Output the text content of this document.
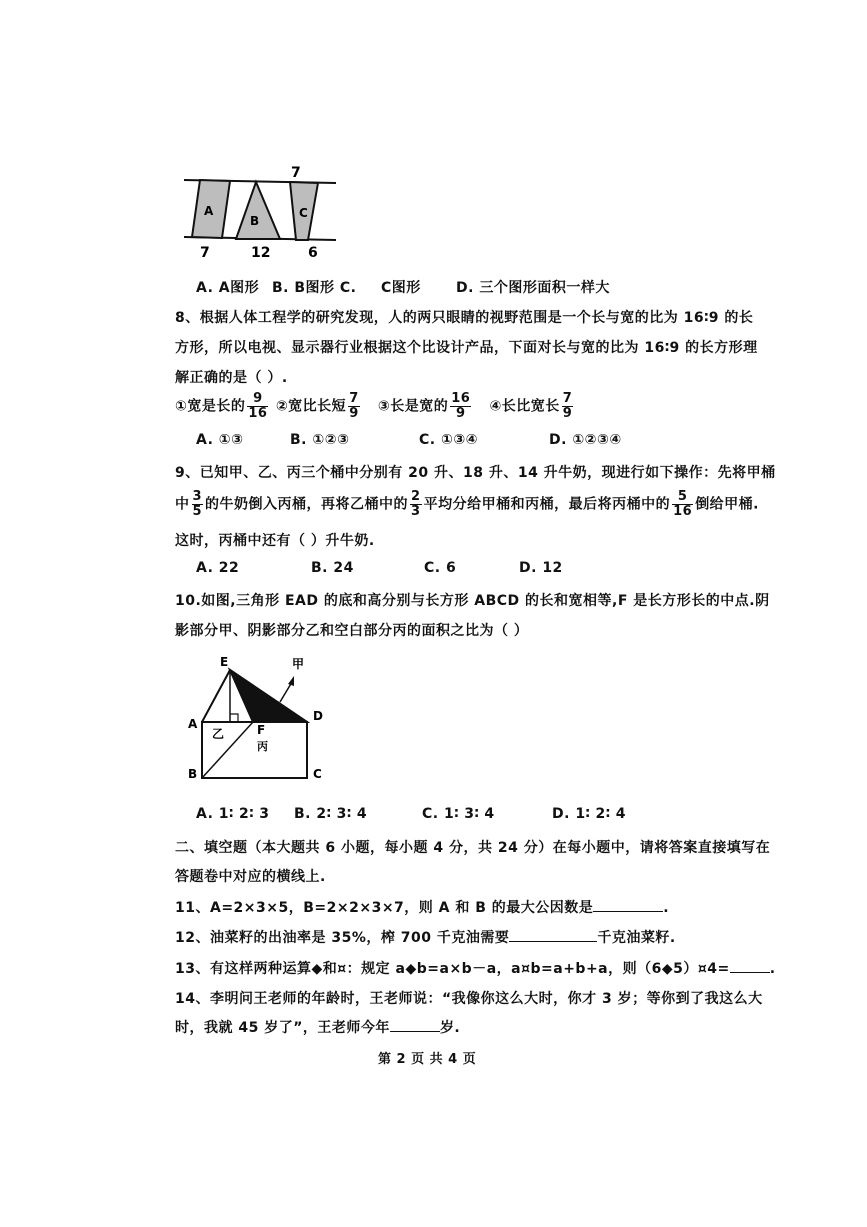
A
B
C
7
7	12	6
A. A图形 B. B图形 C. C图形	D. 三个图形面积一样大
8、根据人体工程学的研究发现，人的两只眼睛的视野范围是一个长与宽的比为 16∶9 的长
方形，所以电视、显示器行业根据这个比设计产品，下面对长与宽的比为 16∶9 的长方形理
解正确的是（ ）.
①宽是长的 $\frac{9}{16}$ ②宽比长短 $\frac{7}{9}$ ③长是宽的 $\frac{16}{9}$ ④长比宽长 $\frac{7}{9}$
A. ①③	B. ①②③	C. ①③④	D. ①②③④
9、已知甲、乙、丙三个桶中分别有 20 升、18 升、14 升牛奶，现进行如下操作：先将甲桶
中 $\frac{3}{5}$ 的牛奶倒入丙桶，再将乙桶中的 $\frac{2}{3}$ 平均分给甲桶和丙桶，最后将丙桶中的 $\frac{5}{16}$ 倒给甲桶.
这时，丙桶中还有（ ）升牛奶.
A. 22	B. 24	C. 6	D. 12
10.如图,三角形 EAD 的底和高分别与长方形 ABCD 的长和宽相等,F 是长方形长的中点.阴
影部分甲、阴影部分乙和空白部分丙的面积之比为（ ）
E	甲
A
D
乙	F
丙
B	C
A. 1∶ 2∶ 3 B. 2∶ 3∶ 4	C. 1∶ 3∶ 4	D. 1∶ 2∶ 4
二、填空题（本大题共 6 小题，每小题 4 分，共 24 分）在每小题中，请将答案直接填写在
答题卷中对应的横线上.
11、A=2×3×5，B=2×2×3×7，则 A 和 B 的最大公因数是	.
12、油菜籽的出油率是 35%，榨 700 千克油需要	千克油菜籽.
13、有这样两种运算◆和¤：规定 a◆b=a×b－a，a¤b=a+b+a，则（6◆5）¤4=	.
14、李明问王老师的年龄时，王老师说：“我像你这么大时，你才 3 岁；等你到了我这么大
时，我就 45 岁了”，王老师今年	岁.
第 2 页 共 4 页
